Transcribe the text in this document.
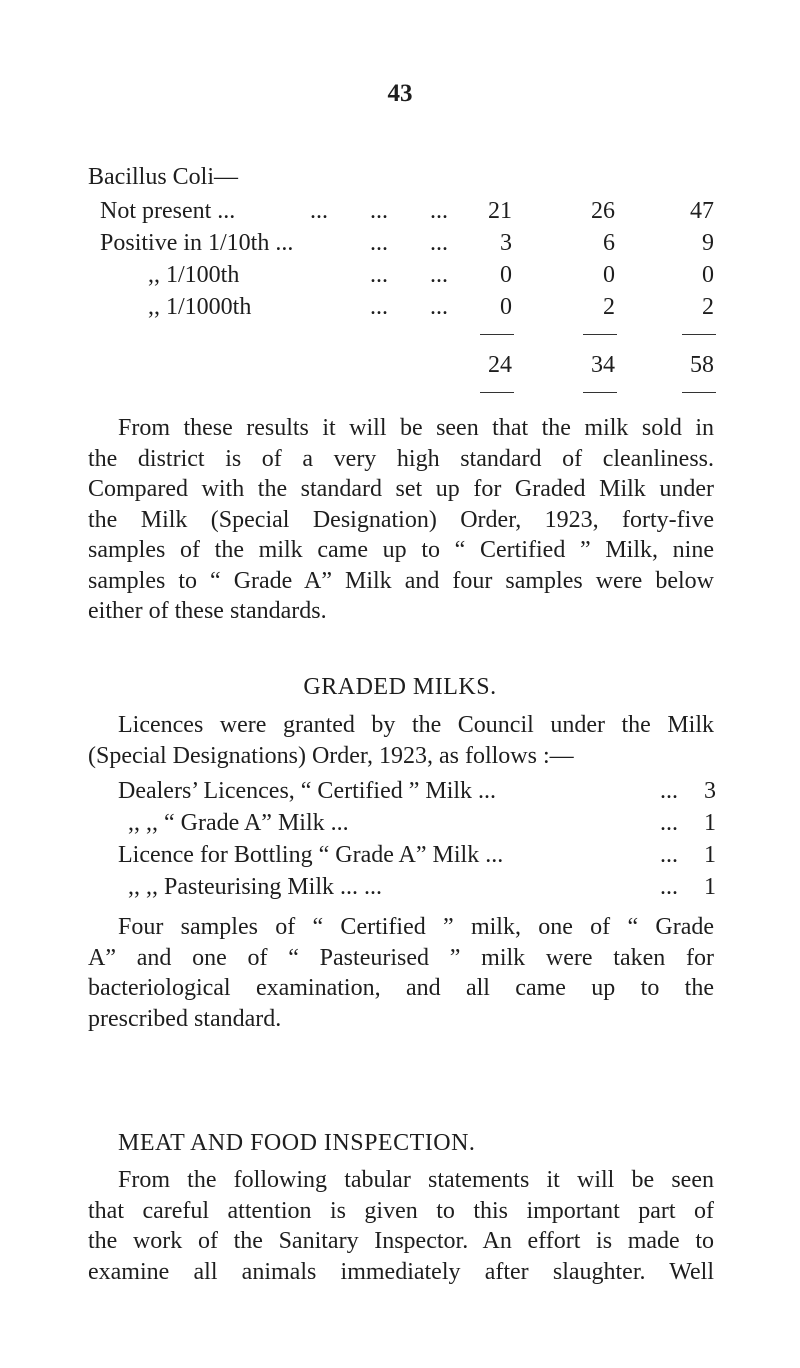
43
Bacillus Coli—
Not present ...	... ... ...	21	26	47
Positive in 1/10th ...	... ...	3	6	9
,, 1/100th	... ...	0	0	0
,, 1/1000th	... ...	0	2	2
24	34	58
From these results it will be seen that the milk sold in
the district is of a very high standard of cleanliness.
Compared with the standard set up for Graded Milk under
the Milk (Special Designation) Order, 1923, forty-five
samples of the milk came up to “ Certified ” Milk, nine
samples to “ Grade A” Milk and four samples were below
either of these standards.
GRADED MILKS.
Licences were granted by the Council under the Milk
(Special Designations) Order, 1923, as follows :—
Dealers’ Licences, “ Certified ” Milk ...	...	3
,, ,, “ Grade A” Milk ...	...	1
Licence for Bottling “ Grade A” Milk ...	...	1
,, ,, Pasteurising Milk ... ...	...	1
Four samples of “ Certified ” milk, one of “ Grade
A” and one of “ Pasteurised ” milk were taken for
bacteriological examination, and all came up to the
prescribed standard.
MEAT AND FOOD INSPECTION.
From the following tabular statements it will be seen
that careful attention is given to this important part of
the work of the Sanitary Inspector. An effort is made to
examine all animals immediately after slaughter. Well
